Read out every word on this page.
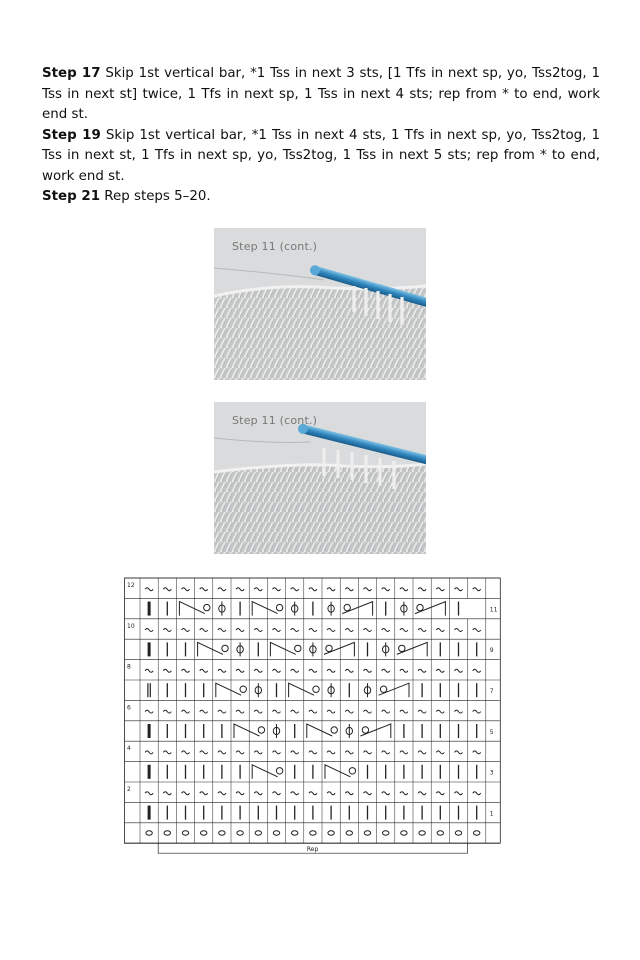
Step 17 Skip 1st vertical bar, *1 Tss in next 3 sts, [1 Tfs in next sp, yo, Tss2tog, 1 Tss in next st] twice, 1 Tfs in next sp, 1 Tss in next 4 sts; rep from * to end, work end st.

Step 19 Skip 1st vertical bar, *1 Tss in next 4 sts, 1 Tfs in next sp, yo, Tss2tog, 1 Tss in next st, 1 Tfs in next sp, yo, Tss2tog, 1 Tss in next 5 sts; rep from * to end, work end st.

Step 21 Rep steps 5–20.

Step 11 (cont.)
Step 11 (cont.)
12
11
10
9
8
7
6
5
4
3
2
1
Rep
